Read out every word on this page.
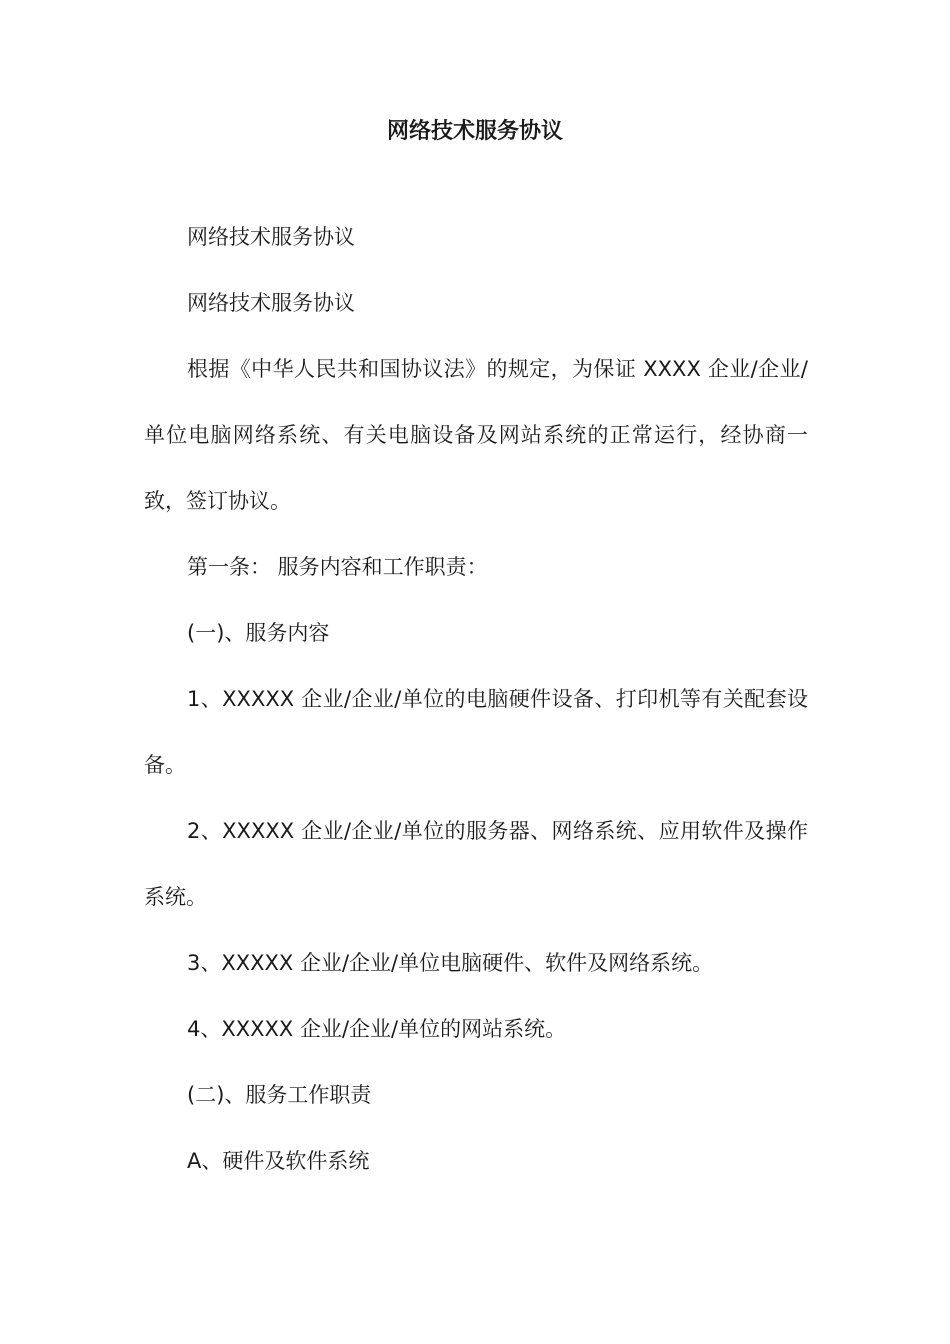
网络技术服务协议

网络技术服务协议

网络技术服务协议

根据《中华人民共和国协议法》的规定，为保证 XXXX 企业/企业/单位电脑网络系统、有关电脑设备及网站系统的正常运行，经协商一致，签订协议。

第一条： 服务内容和工作职责：

(一)、服务内容

1、XXXXX 企业/企业/单位的电脑硬件设备、打印机等有关配套设备。

2、XXXXX 企业/企业/单位的服务器、网络系统、应用软件及操作系统。

3、XXXXX 企业/企业/单位电脑硬件、软件及网络系统。

4、XXXXX 企业/企业/单位的网站系统。

(二)、服务工作职责

A、硬件及软件系统
